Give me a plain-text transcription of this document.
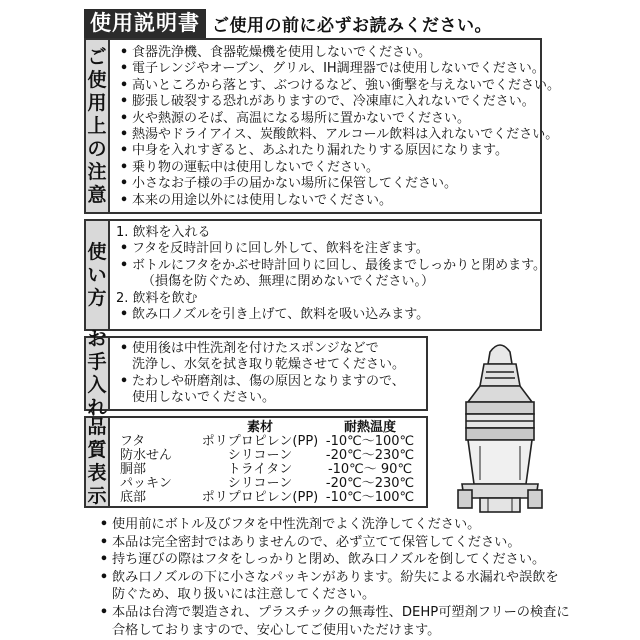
使用説明書 ご使用の前に必ずお読みください。
ご
使
用
上
の
注
意
• 食器洗浄機、食器乾燥機を使用しないでください。
• 電子レンジやオーブン、グリル、IH調理器では使用しないでください。
• 高いところから落とす、ぶつけるなど、強い衝撃を与えないでください。
• 膨張し破裂する恐れがありますので、冷凍庫に入れないでください。
• 火や熱源のそば、高温になる場所に置かないでください。
• 熱湯やドライアイス、炭酸飲料、アルコール飲料は入れないでください。
• 中身を入れすぎると、あふれたり漏れたりする原因になります。
• 乗り物の運転中は使用しないでください。
• 小さなお子様の手の届かない場所に保管してください。
• 本来の用途以外には使用しないでください。
使
い
方
1. 飲料を入れる
• フタを反時計回りに回し外して、飲料を注ぎます。
• ボトルにフタをかぶせ時計回りに回し、最後までしっかりと閉めます。
（損傷を防ぐため、無理に閉めないでください。）
2. 飲料を飲む
• 飲み口ノズルを引き上げて、飲料を吸い込みます。
お
手
入
れ
• 使用後は中性洗剤を付けたスポンジなどで
洗浄し、水気を拭き取り乾燥させてください。
• たわしや研磨剤は、傷の原因となりますので、
使用しないでください。
品
質
表
示
	素材	耐熱温度
フタ	ポリプロピレン(PP)	-10℃～100℃
防水せん	シリコーン	-20℃～230℃
胴部	トライタン	-10℃～ 90℃
パッキン	シリコーン	-20℃～230℃
底部	ポリプロピレン(PP)	-10℃～100℃
• 使用前にボトル及びフタを中性洗剤でよく洗浄してください。
• 本品は完全密封ではありませんので、必ず立てて保管してください。
• 持ち運びの際はフタをしっかりと閉め、飲み口ノズルを倒してください。
• 飲み口ノズルの下に小さなパッキンがあります。紛失による水漏れや誤飲を
防ぐため、取り扱いには注意してください。
• 本品は台湾で製造され、プラスチックの無毒性、DEHP可塑剤フリーの検査に
合格しておりますので、安心してご使用いただけます。
